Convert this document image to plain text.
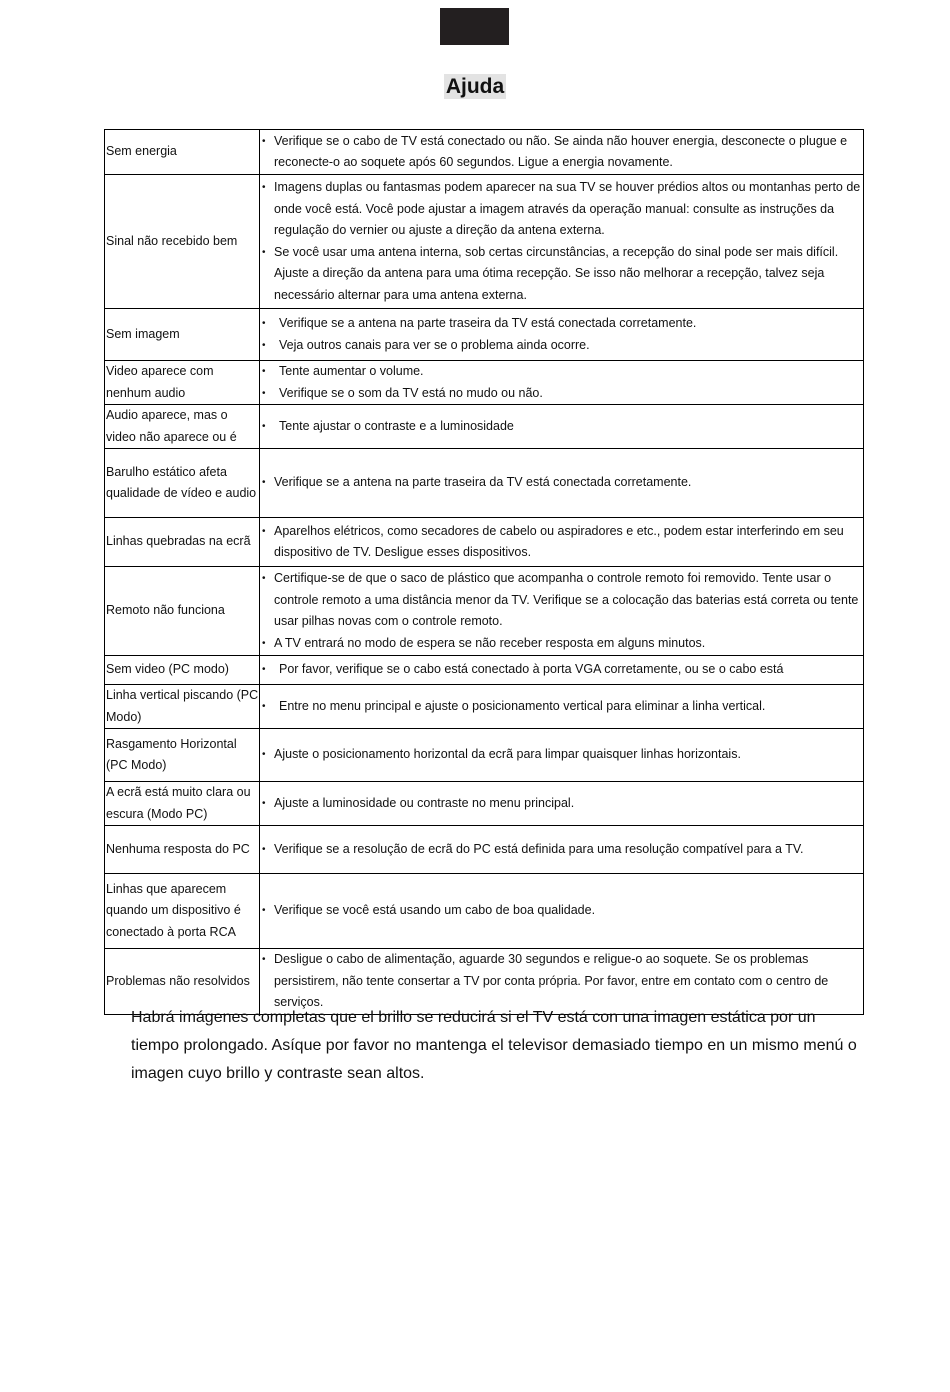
Ajuda
Sem energia	• Verifique se o cabo de TV está conectado ou não. Se ainda não houver energia, desconecte o plugue e reconecte-o ao soquete após 60 segundos. Ligue a energia novamente.

Sinal não recebido bem	• Imagens duplas ou fantasmas podem aparecer na sua TV se houver prédios altos ou montanhas perto de onde você está. Você pode ajustar a imagem através da operação manual: consulte as instruções da regulação do vernier ou ajuste a direção da antena externa.
• Se você usar uma antena interna, sob certas circunstâncias, a recepção do sinal pode ser mais difícil. Ajuste a direção da antena para uma ótima recepção. Se isso não melhorar a recepção, talvez seja necessário alternar para uma antena externa.

Sem imagem	• Verifique se a antena na parte traseira da TV está conectada corretamente.
• Veja outros canais para ver se o problema ainda ocorre.

Video aparece com nenhum audio	• Tente aumentar o volume.
• Verifique se o som da TV está no mudo ou não.

Audio aparece, mas o video não aparece ou é	• Tente ajustar o contraste e a luminosidade

Barulho estático afeta qualidade de vídeo e audio	• Verifique se a antena na parte traseira da TV está conectada corretamente.

Linhas quebradas na ecrã	• Aparelhos elétricos, como secadores de cabelo ou aspiradores e etc., podem estar interferindo em seu dispositivo de TV. Desligue esses dispositivos.

Remoto não funciona	• Certifique-se de que o saco de plástico que acompanha o controle remoto foi removido. Tente usar o controle remoto a uma distância menor da TV. Verifique se a colocação das baterias está correta ou tente usar pilhas novas com o controle remoto.
• A TV entrará no modo de espera se não receber resposta em alguns minutos.

Sem video (PC modo)	• Por favor, verifique se o cabo está conectado à porta VGA corretamente, ou se o cabo está

Linha vertical piscando (PC Modo)	• Entre no menu principal e ajuste o posicionamento vertical para eliminar a linha vertical.

Rasgamento Horizontal (PC Modo)	• Ajuste o posicionamento horizontal da ecrã para limpar quaisquer linhas horizontais.

A ecrã está muito clara ou escura (Modo PC)	• Ajuste a luminosidade ou contraste no menu principal.

Nenhuma resposta do PC	• Verifique se a resolução de ecrã do PC está definida para uma resolução compatível para a TV.

Linhas que aparecem quando um dispositivo é conectado à porta RCA	• Verifique se você está usando um cabo de boa qualidade.

Problemas não resolvidos	• Desligue o cabo de alimentação, aguarde 30 segundos e religue-o ao soquete. Se os problemas persistirem, não tente consertar a TV por conta própria. Por favor, entre em contato com o centro de serviços.
Habrá imágenes completas que el brillo se reducirá si el TV está con una imagen estática por un tiempo prolongado. Asíque por favor no mantenga el televisor demasiado tiempo en un mismo menú o imagen cuyo brillo y contraste sean altos.
